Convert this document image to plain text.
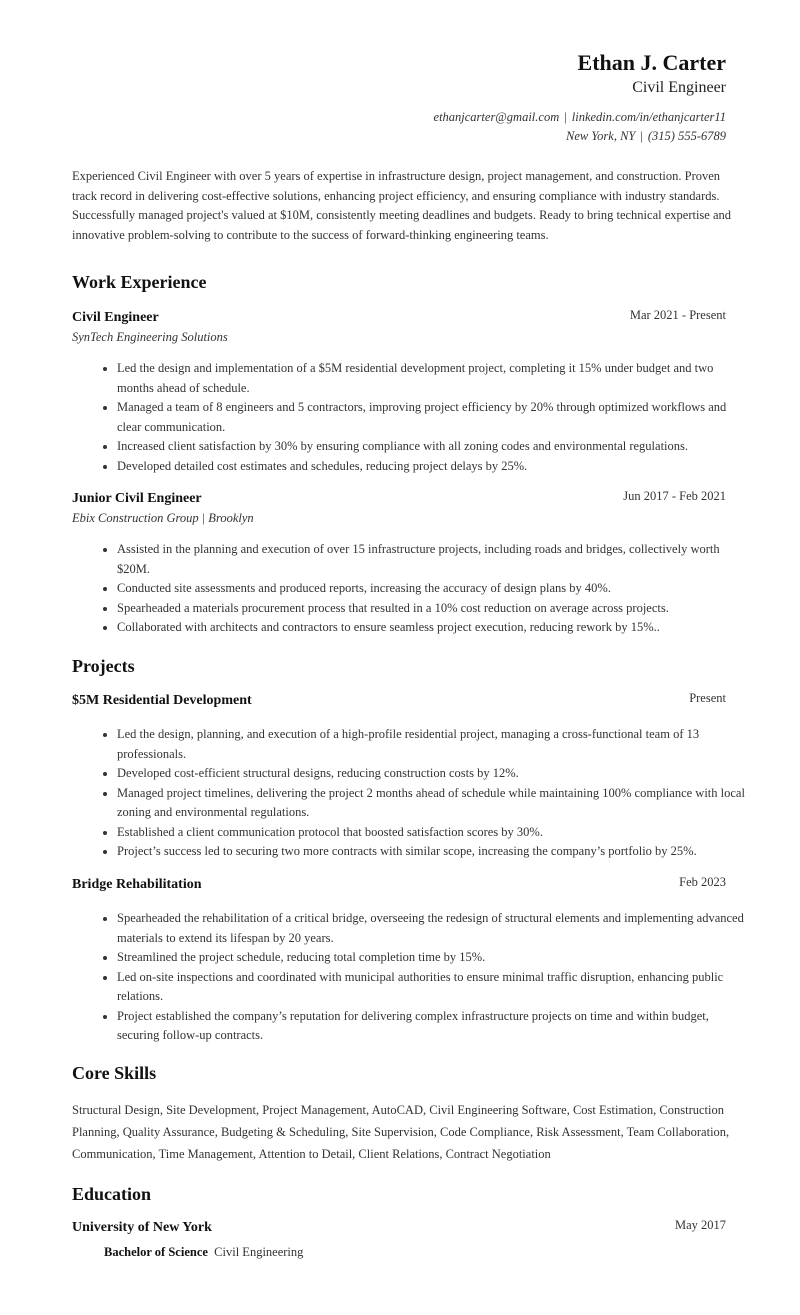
Ethan J. Carter
Civil Engineer
ethanjcarter@gmail.com | linkedin.com/in/ethanjcarter11
New York, NY | (315) 555-6789
Experienced Civil Engineer with over 5 years of expertise in infrastructure design, project management, and construction. Proven track record in delivering cost-effective solutions, enhancing project efficiency, and ensuring compliance with industry standards. Successfully managed project's valued at $10M, consistently meeting deadlines and budgets. Ready to bring technical expertise and innovative problem-solving to contribute to the success of forward-thinking engineering teams.
Work Experience
Civil Engineer	Mar 2021 - Present
SynTech Engineering Solutions
• Led the design and implementation of a $5M residential development project, completing it 15% under budget and two months ahead of schedule.
• Managed a team of 8 engineers and 5 contractors, improving project efficiency by 20% through optimized workflows and clear communication.
• Increased client satisfaction by 30% by ensuring compliance with all zoning codes and environmental regulations.
• Developed detailed cost estimates and schedules, reducing project delays by 25%.
Junior Civil Engineer	Jun 2017 - Feb 2021
Ebix Construction Group | Brooklyn
• Assisted in the planning and execution of over 15 infrastructure projects, including roads and bridges, collectively worth $20M.
• Conducted site assessments and produced reports, increasing the accuracy of design plans by 40%.
• Spearheaded a materials procurement process that resulted in a 10% cost reduction on average across projects.
• Collaborated with architects and contractors to ensure seamless project execution, reducing rework by 15%..
Projects
$5M Residential Development	Present
• Led the design, planning, and execution of a high-profile residential project, managing a cross-functional team of 13 professionals.
• Developed cost-efficient structural designs, reducing construction costs by 12%.
• Managed project timelines, delivering the project 2 months ahead of schedule while maintaining 100% compliance with local zoning and environmental regulations.
• Established a client communication protocol that boosted satisfaction scores by 30%.
• Project’s success led to securing two more contracts with similar scope, increasing the company’s portfolio by 25%.
Bridge Rehabilitation	Feb 2023
• Spearheaded the rehabilitation of a critical bridge, overseeing the redesign of structural elements and implementing advanced materials to extend its lifespan by 20 years.
• Streamlined the project schedule, reducing total completion time by 15%.
• Led on-site inspections and coordinated with municipal authorities to ensure minimal traffic disruption, enhancing public relations.
• Project established the company’s reputation for delivering complex infrastructure projects on time and within budget, securing follow-up contracts.
Core Skills
Structural Design, Site Development, Project Management, AutoCAD, Civil Engineering Software, Cost Estimation, Construction Planning, Quality Assurance, Budgeting & Scheduling, Site Supervision, Code Compliance, Risk Assessment, Team Collaboration, Communication, Time Management, Attention to Detail, Client Relations, Contract Negotiation
Education
University of New York	May 2017
Bachelor of Science Civil Engineering
